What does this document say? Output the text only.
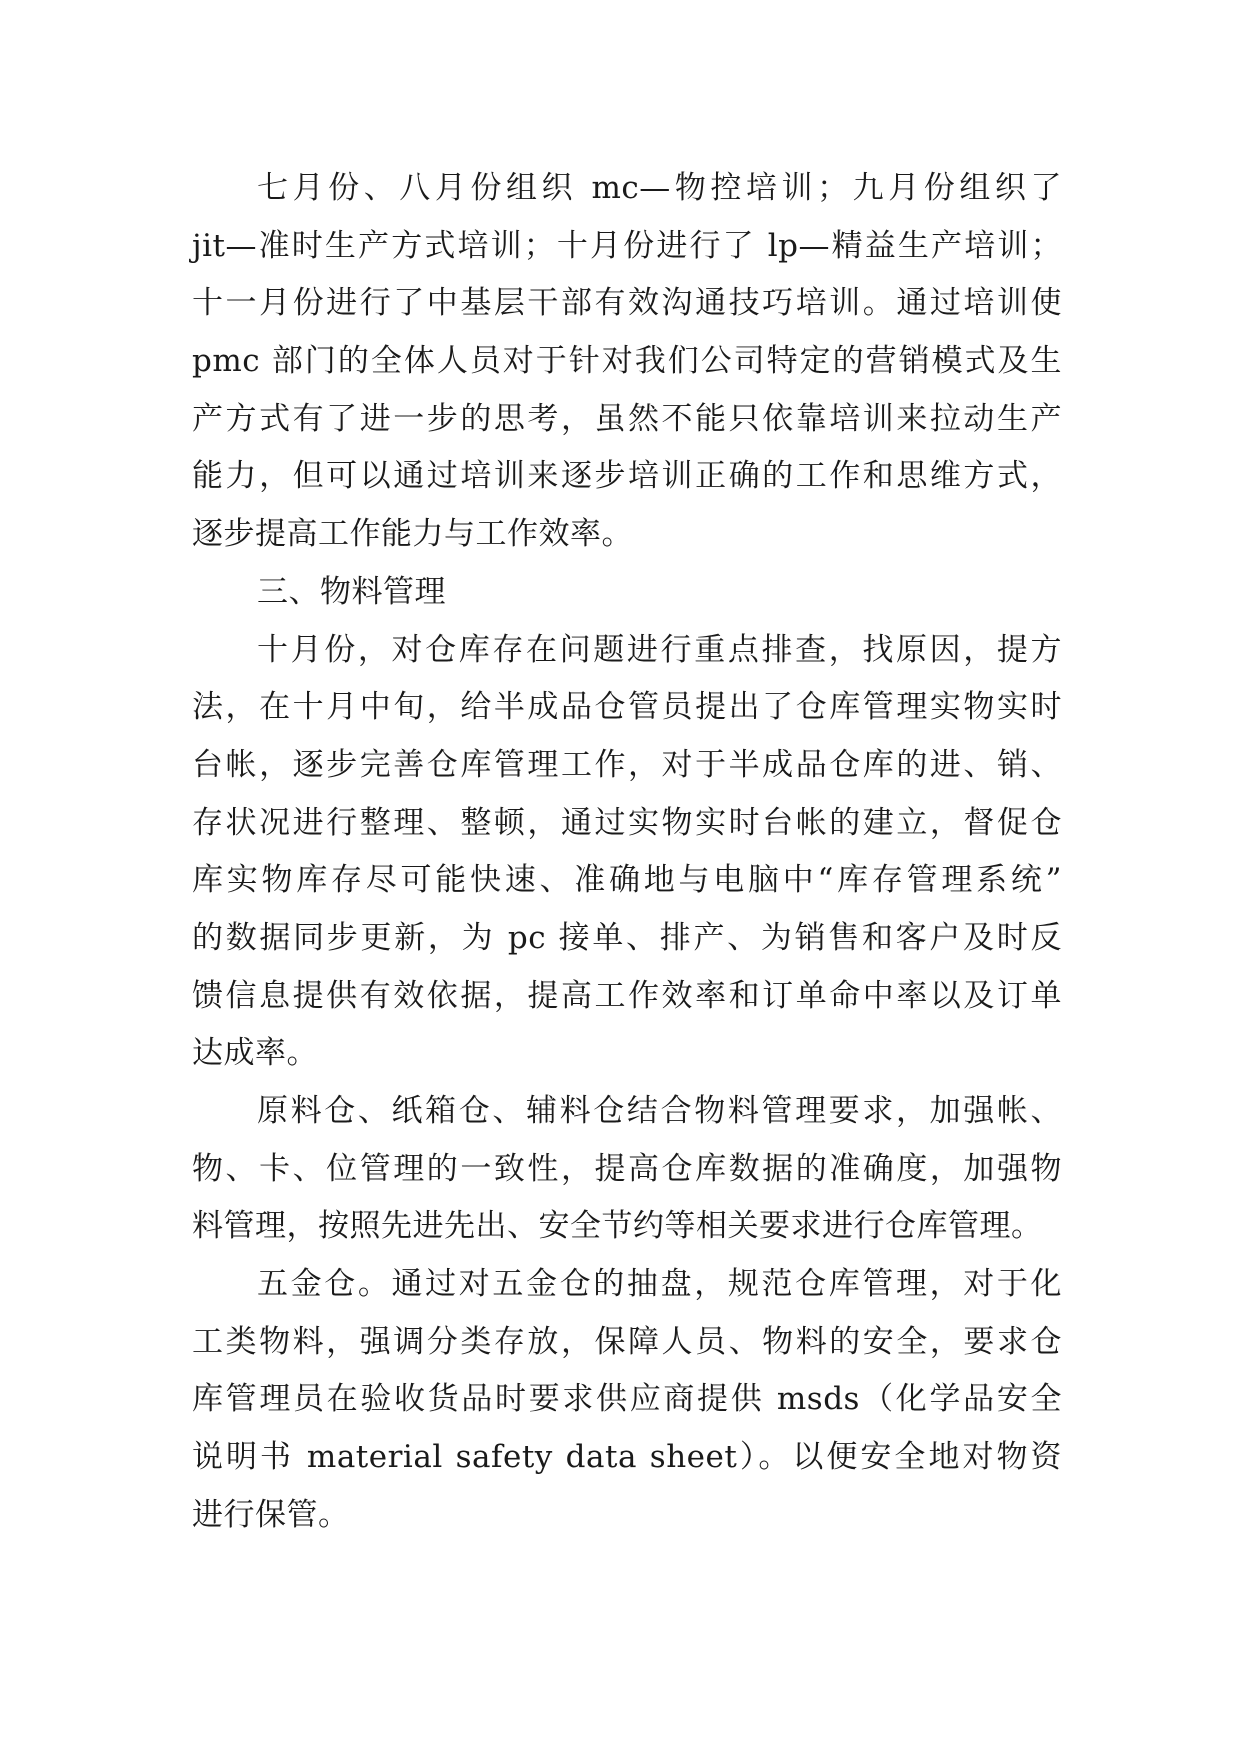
七月份、八月份组织 mc—物控培训；九月份组织了
jit—准时生产方式培训；十月份进行了 lp—精益生产培训；
十一月份进行了中基层干部有效沟通技巧培训。通过培训使
pmc 部门的全体人员对于针对我们公司特定的营销模式及生
产方式有了进一步的思考，虽然不能只依靠培训来拉动生产
能力，但可以通过培训来逐步培训正确的工作和思维方式，
逐步提高工作能力与工作效率。
三、物料管理
十月份，对仓库存在问题进行重点排查，找原因，提方
法，在十月中旬，给半成品仓管员提出了仓库管理实物实时
台帐，逐步完善仓库管理工作，对于半成品仓库的进、销、
存状况进行整理、整顿，通过实物实时台帐的建立，督促仓
库实物库存尽可能快速、准确地与电脑中“库存管理系统”
的数据同步更新，为 pc 接单、排产、为销售和客户及时反
馈信息提供有效依据，提高工作效率和订单命中率以及订单
达成率。
原料仓、纸箱仓、辅料仓结合物料管理要求，加强帐、
物、卡、位管理的一致性，提高仓库数据的准确度，加强物
料管理，按照先进先出、安全节约等相关要求进行仓库管理。
五金仓。通过对五金仓的抽盘，规范仓库管理，对于化
工类物料，强调分类存放，保障人员、物料的安全，要求仓
库管理员在验收货品时要求供应商提供 msds（化学品安全
说明书 material safety data sheet）。以便安全地对物资
进行保管。
